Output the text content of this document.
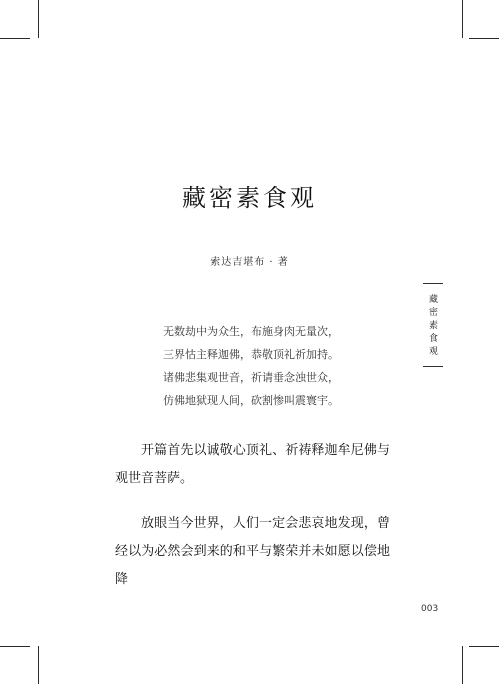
藏密素食观
索达吉堪布 · 著
无数劫中为众生，布施身肉无量次，
三界怙主释迦佛，恭敬顶礼祈加持。
诸佛悲集观世音，祈请垂念浊世众，
仿佛地狱现人间，砍割惨叫震寰宇。
开篇首先以诚敬心顶礼、祈祷释迦牟尼佛与观世音菩萨。
放眼当今世界，人们一定会悲哀地发现，曾经以为必然会到来的和平与繁荣并未如愿以偿地降
藏密素食观
003
